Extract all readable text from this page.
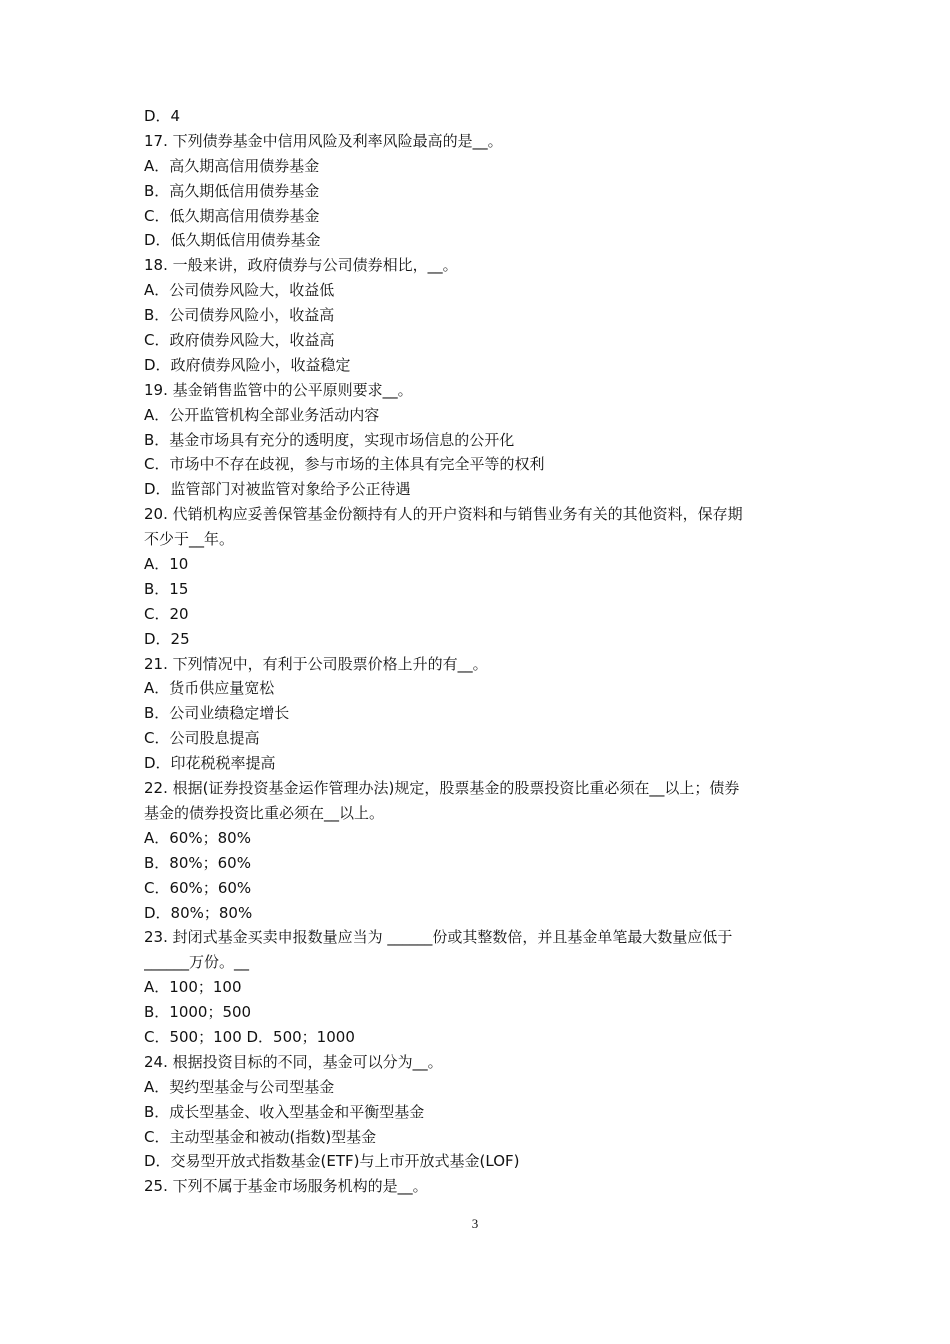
D．4
17. 下列债券基金中信用风险及利率风险最高的是__。
A．高久期高信用债券基金
B．高久期低信用债券基金
C．低久期高信用债券基金
D．低久期低信用债券基金
18. 一般来讲，政府债券与公司债券相比，__。
A．公司债券风险大，收益低
B．公司债券风险小，收益高
C．政府债券风险大，收益高
D．政府债券风险小，收益稳定
19. 基金销售监管中的公平原则要求__。
A．公开监管机构全部业务活动内容
B．基金市场具有充分的透明度，实现市场信息的公开化
C．市场中不存在歧视，参与市场的主体具有完全平等的权利
D．监管部门对被监管对象给予公正待遇
20. 代销机构应妥善保管基金份额持有人的开户资料和与销售业务有关的其他资料，保存期
不少于__年。
A．10
B．15
C．20
D．25
21. 下列情况中，有利于公司股票价格上升的有__。
A．货币供应量宽松
B．公司业绩稳定增长
C．公司股息提高
D．印花税税率提高
22. 根据(证券投资基金运作管理办法)规定，股票基金的股票投资比重必须在__以上；债券
基金的债券投资比重必须在__以上。
A．60%；80%
B．80%；60%
C．60%；60%
D．80%；80%
23. 封闭式基金买卖申报数量应当为 ______份或其整数倍，并且基金单笔最大数量应低于
______万份。__
A．100；100
B．1000；500
C．500；100 D．500；1000
24. 根据投资目标的不同，基金可以分为__。
A．契约型基金与公司型基金
B．成长型基金、收入型基金和平衡型基金
C．主动型基金和被动(指数)型基金
D．交易型开放式指数基金(ETF)与上市开放式基金(LOF)
25. 下列不属于基金市场服务机构的是__。
3
